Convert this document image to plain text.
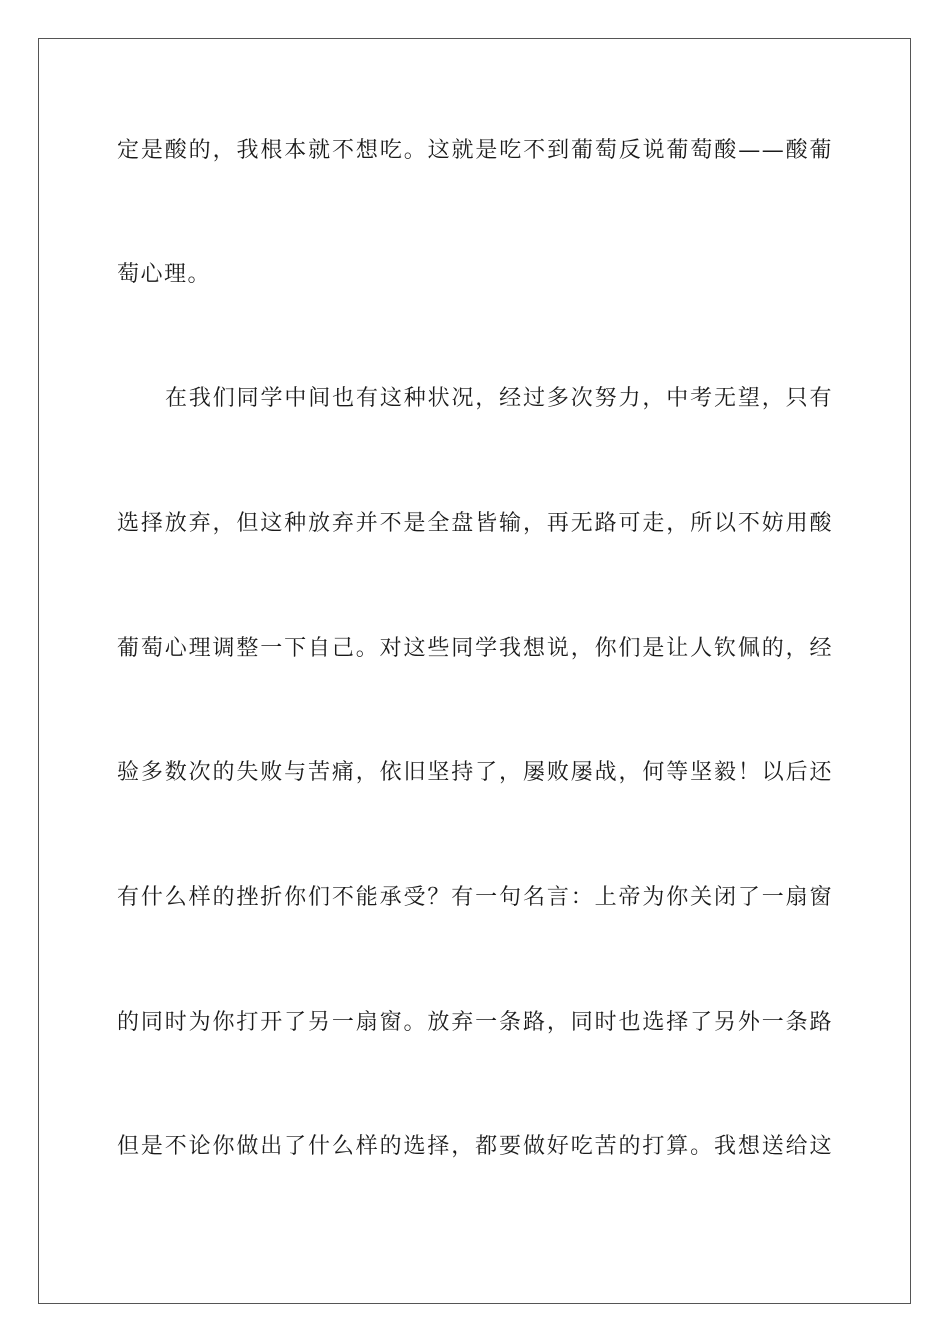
定是酸的，我根本就不想吃。这就是吃不到葡萄反说葡萄酸——酸葡
萄心理。
在我们同学中间也有这种状况，经过多次努力，中考无望，只有
选择放弃，但这种放弃并不是全盘皆输，再无路可走，所以不妨用酸
葡萄心理调整一下自己。对这些同学我想说，你们是让人钦佩的，经
验多数次的失败与苦痛，依旧坚持了，屡败屡战，何等坚毅！以后还
有什么样的挫折你们不能承受？有一句名言：上帝为你关闭了一扇窗
的同时为你打开了另一扇窗。放弃一条路，同时也选择了另外一条路
但是不论你做出了什么样的选择，都要做好吃苦的打算。我想送给这
